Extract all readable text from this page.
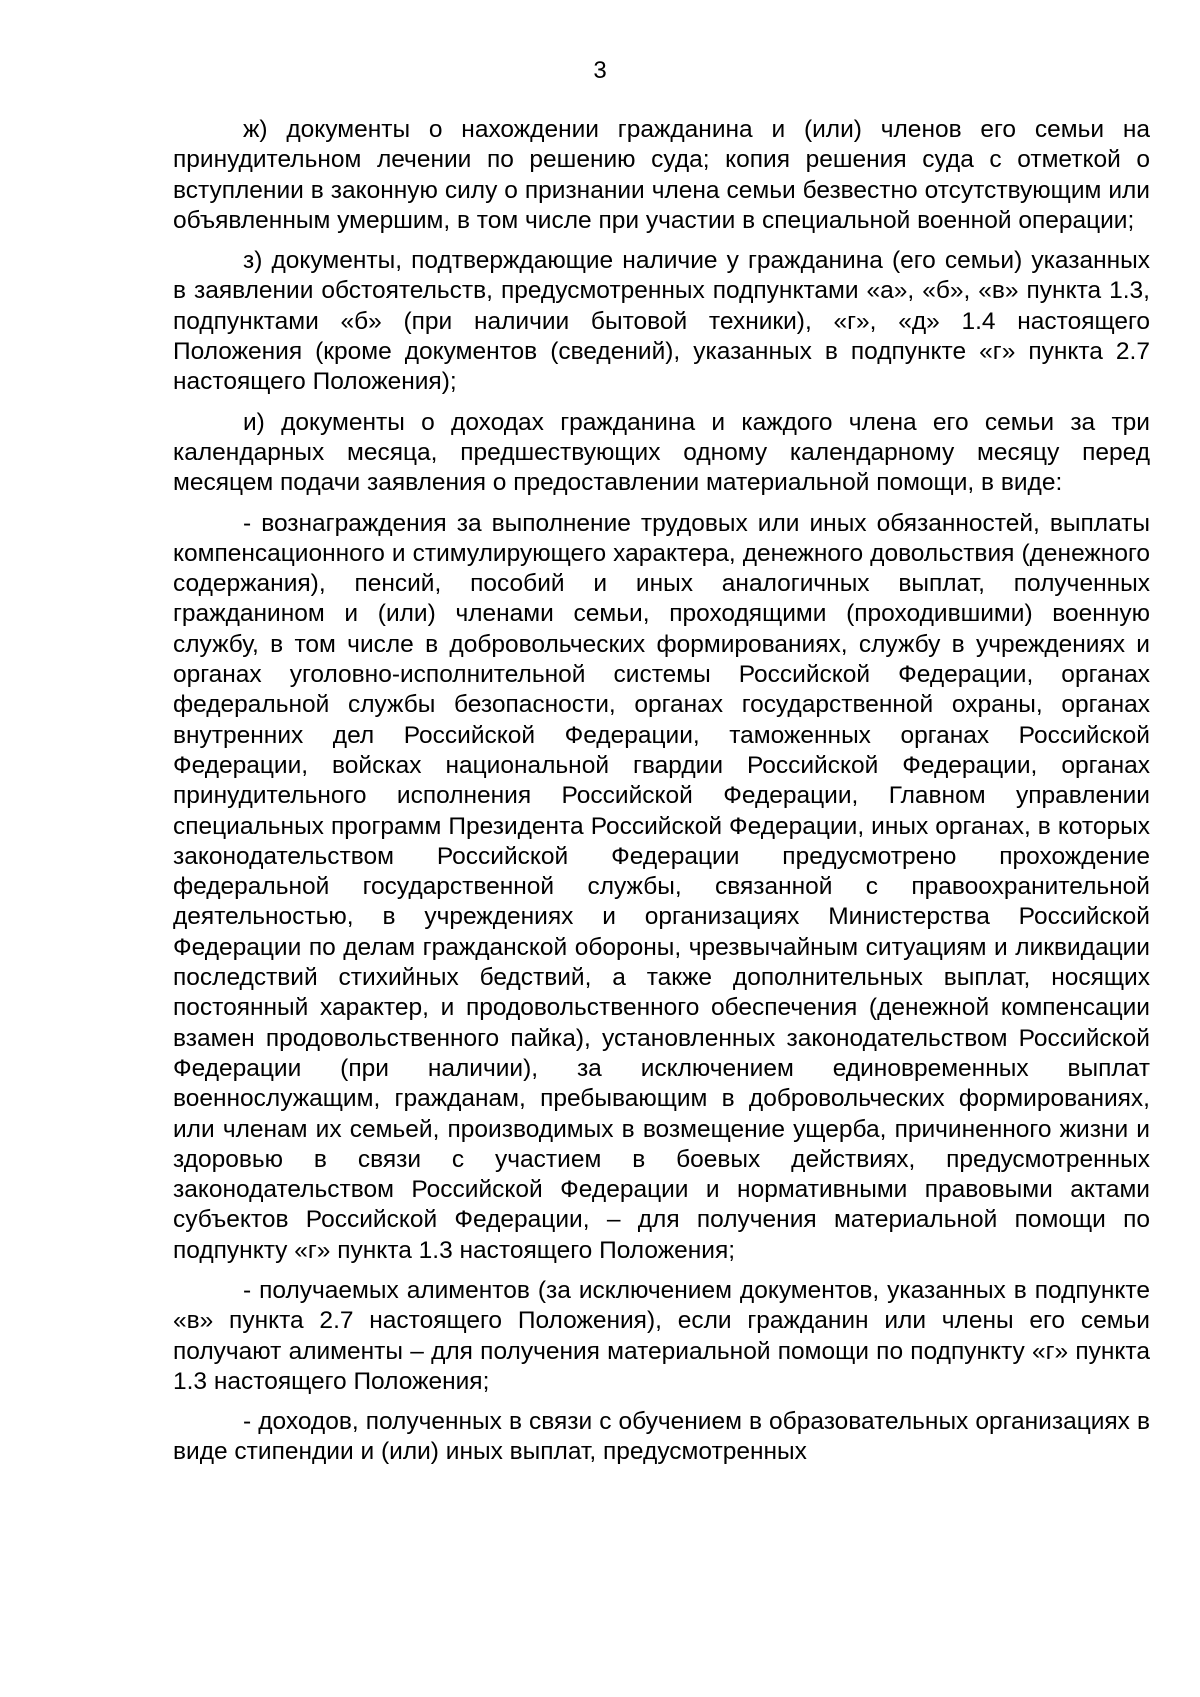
3

ж) документы о нахождении гражданина и (или) членов его семьи на принудительном лечении по решению суда; копия решения суда с отметкой о вступлении в законную силу о признании члена семьи безвестно отсутствующим или объявленным умершим, в том числе при участии в специальной военной операции;

з) документы, подтверждающие наличие у гражданина (его семьи) указанных в заявлении обстоятельств, предусмотренных подпунктами «а», «б», «в» пункта 1.3, подпунктами «б» (при наличии бытовой техники), «г», «д» 1.4 настоящего Положения (кроме документов (сведений), указанных в подпункте «г» пункта 2.7 настоящего Положения);

и) документы о доходах гражданина и каждого члена его семьи за три календарных месяца, предшествующих одному календарному месяцу перед месяцем подачи заявления о предоставлении материальной помощи, в виде:

- вознаграждения за выполнение трудовых или иных обязанностей, выплаты компенсационного и стимулирующего характера, денежного довольствия (денежного содержания), пенсий, пособий и иных аналогичных выплат, полученных гражданином и (или) членами семьи, проходящими (проходившими) военную службу, в том числе в добровольческих формированиях, службу в учреждениях и органах уголовно-исполнительной системы Российской Федерации, органах федеральной службы безопасности, органах государственной охраны, органах внутренних дел Российской Федерации, таможенных органах Российской Федерации, войсках национальной гвардии Российской Федерации, органах принудительного исполнения Российской Федерации, Главном управлении специальных программ Президента Российской Федерации, иных органах, в которых законодательством Российской Федерации предусмотрено прохождение федеральной государственной службы, связанной с правоохранительной деятельностью, в учреждениях и организациях Министерства Российской Федерации по делам гражданской обороны, чрезвычайным ситуациям и ликвидации последствий стихийных бедствий, а также дополнительных выплат, носящих постоянный характер, и продовольственного обеспечения (денежной компенсации взамен продовольственного пайка), установленных законодательством Российской Федерации (при наличии), за исключением единовременных выплат военнослужащим, гражданам, пребывающим в добровольческих формированиях, или членам их семьей, производимых в возмещение ущерба, причиненного жизни и здоровью в связи с участием в боевых действиях, предусмотренных законодательством Российской Федерации и нормативными правовыми актами субъектов Российской Федерации, – для получения материальной помощи по подпункту «г» пункта 1.3 настоящего Положения;

- получаемых алиментов (за исключением документов, указанных в подпункте «в» пункта 2.7 настоящего Положения), если гражданин или члены его семьи получают алименты – для получения материальной помощи по подпункту «г» пункта 1.3 настоящего Положения;

- доходов, полученных в связи с обучением в образовательных организациях в виде стипендии и (или) иных выплат, предусмотренных
